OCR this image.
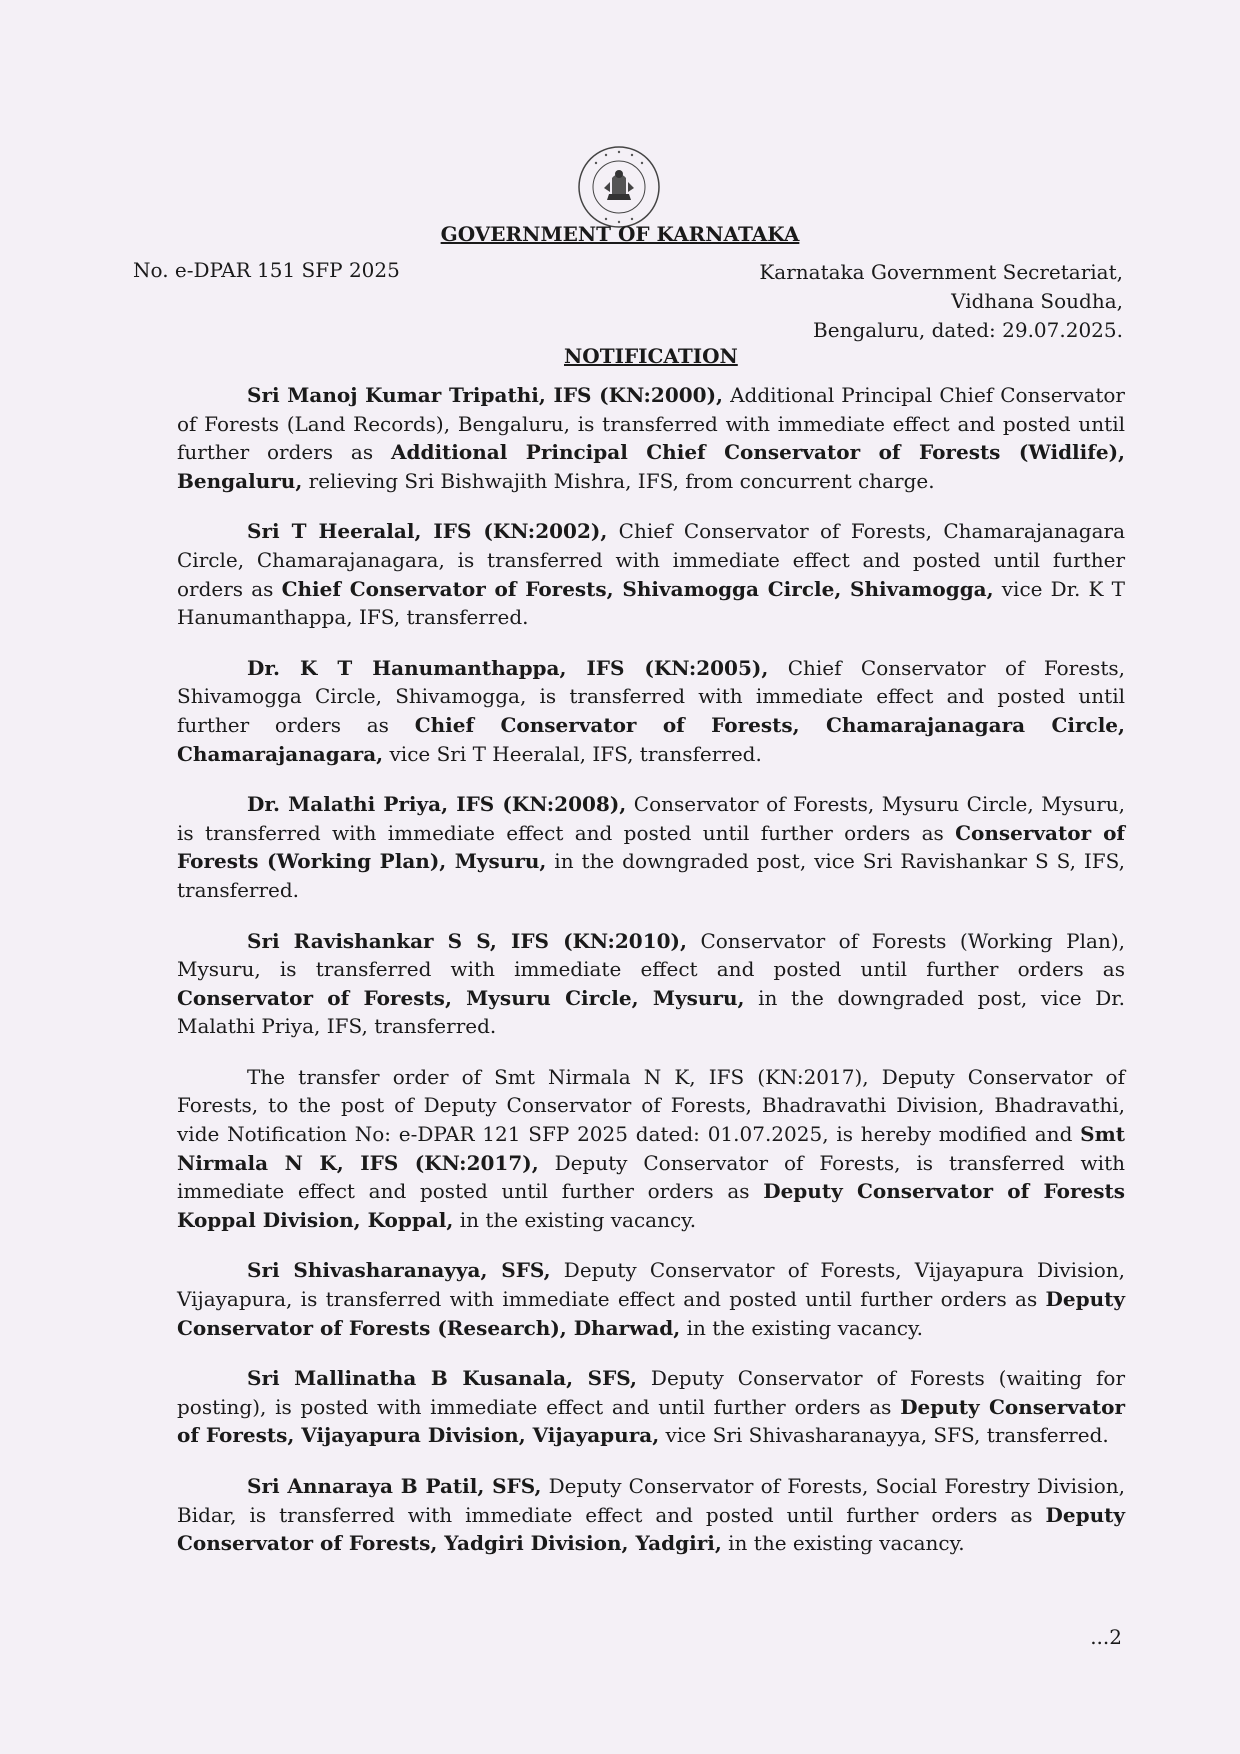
GOVERNMENT OF KARNATAKA
No. e-DPAR 151 SFP 2025	Karnataka Government Secretariat,
Vidhana Soudha,
Bengaluru, dated: 29.07.2025.
NOTIFICATION

Sri Manoj Kumar Tripathi, IFS (KN:2000), Additional Principal Chief Conservator of Forests (Land Records), Bengaluru, is transferred with immediate effect and posted until further orders as Additional Principal Chief Conservator of Forests (Widlife), Bengaluru, relieving Sri Bishwajith Mishra, IFS, from concurrent charge.

Sri T Heeralal, IFS (KN:2002), Chief Conservator of Forests, Chamarajanagara Circle, Chamarajanagara, is transferred with immediate effect and posted until further orders as Chief Conservator of Forests, Shivamogga Circle, Shivamogga, vice Dr. K T Hanumanthappa, IFS, transferred.

Dr. K T Hanumanthappa, IFS (KN:2005), Chief Conservator of Forests, Shivamogga Circle, Shivamogga, is transferred with immediate effect and posted until further orders as Chief Conservator of Forests, Chamarajanagara Circle, Chamarajanagara, vice Sri T Heeralal, IFS, transferred.

Dr. Malathi Priya, IFS (KN:2008), Conservator of Forests, Mysuru Circle, Mysuru, is transferred with immediate effect and posted until further orders as Conservator of Forests (Working Plan), Mysuru, in the downgraded post, vice Sri Ravishankar S S, IFS, transferred.

Sri Ravishankar S S, IFS (KN:2010), Conservator of Forests (Working Plan), Mysuru, is transferred with immediate effect and posted until further orders as Conservator of Forests, Mysuru Circle, Mysuru, in the downgraded post, vice Dr. Malathi Priya, IFS, transferred.

The transfer order of Smt Nirmala N K, IFS (KN:2017), Deputy Conservator of Forests, to the post of Deputy Conservator of Forests, Bhadravathi Division, Bhadravathi, vide Notification No: e-DPAR 121 SFP 2025 dated: 01.07.2025, is hereby modified and Smt Nirmala N K, IFS (KN:2017), Deputy Conservator of Forests, is transferred with immediate effect and posted until further orders as Deputy Conservator of Forests Koppal Division, Koppal, in the existing vacancy.

Sri Shivasharanayya, SFS, Deputy Conservator of Forests, Vijayapura Division, Vijayapura, is transferred with immediate effect and posted until further orders as Deputy Conservator of Forests (Research), Dharwad, in the existing vacancy.

Sri Mallinatha B Kusanala, SFS, Deputy Conservator of Forests (waiting for posting), is posted with immediate effect and until further orders as Deputy Conservator of Forests, Vijayapura Division, Vijayapura, vice Sri Shivasharanayya, SFS, transferred.

Sri Annaraya B Patil, SFS, Deputy Conservator of Forests, Social Forestry Division, Bidar, is transferred with immediate effect and posted until further orders as Deputy Conservator of Forests, Yadgiri Division, Yadgiri, in the existing vacancy.

...2
